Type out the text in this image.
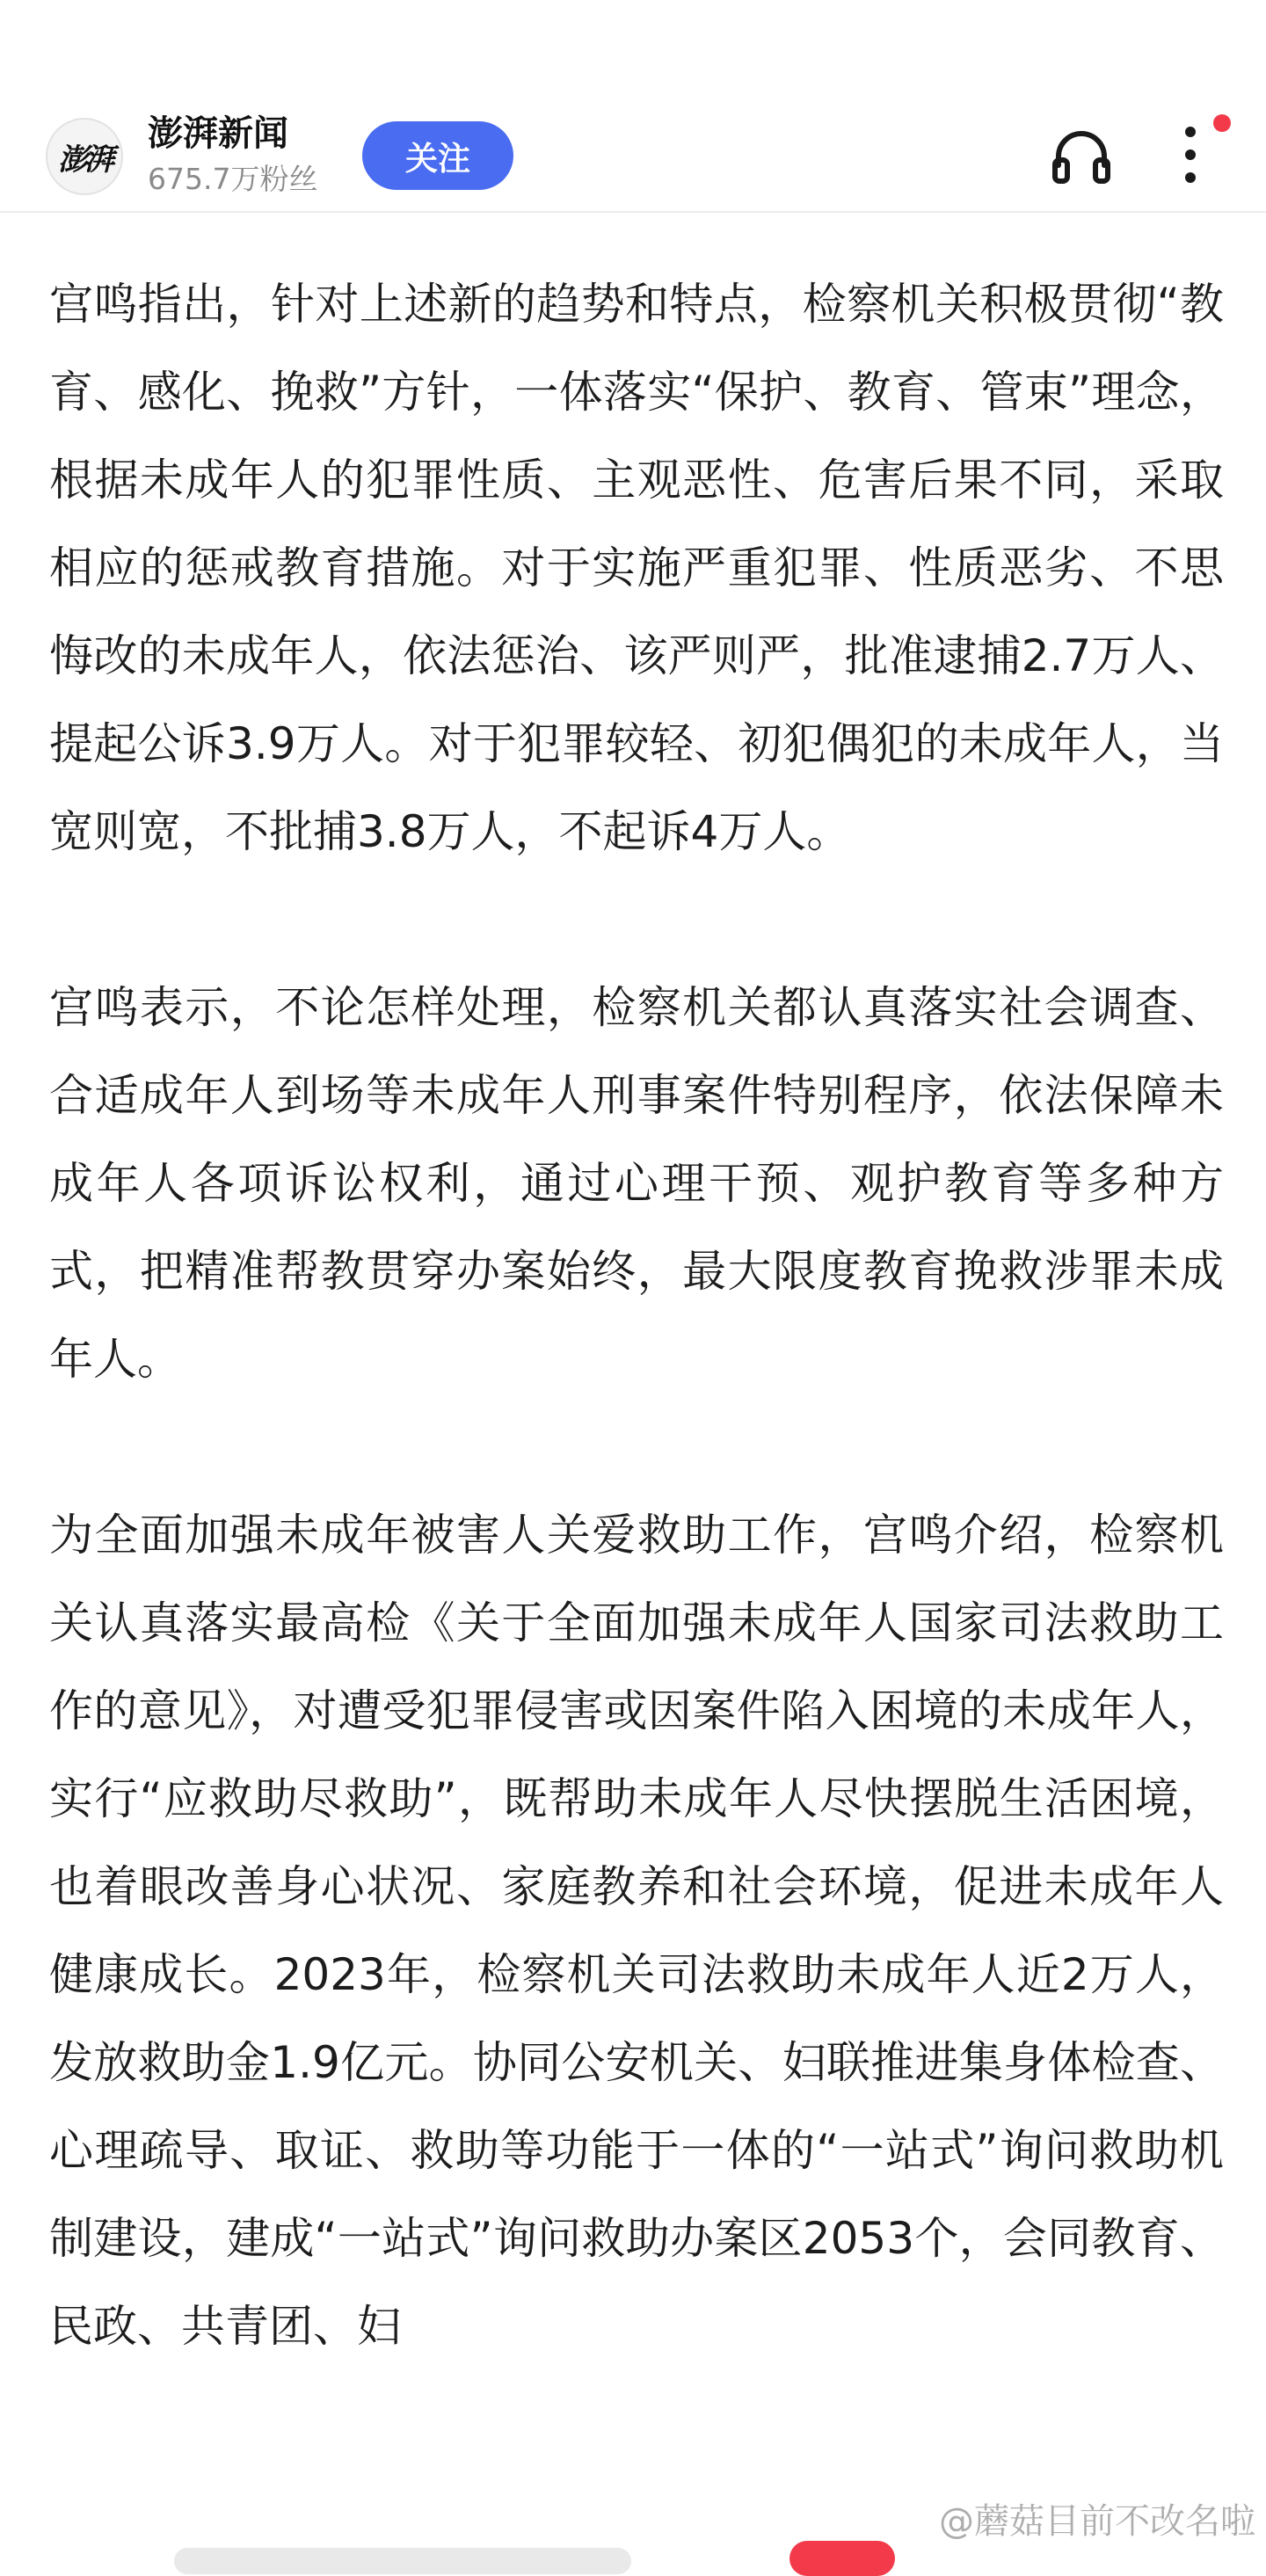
澎湃
澎湃新闻
675.7万粉丝
关注

宫鸣指出，针对上述新的趋势和特点，检察机关积极贯彻“教育、感化、挽救”方针，一体落实“保护、教育、管束”理念，根据未成年人的犯罪性质、主观恶性、危害后果不同，采取相应的惩戒教育措施。对于实施严重犯罪、性质恶劣、不思悔改的未成年人，依法惩治、该严则严，批准逮捕2.7万人、提起公诉3.9万人。对于犯罪较轻、初犯偶犯的未成年人，当宽则宽，不批捕3.8万人，不起诉4万人。

宫鸣表示，不论怎样处理，检察机关都认真落实社会调查、合适成年人到场等未成年人刑事案件特别程序，依法保障未成年人各项诉讼权利，通过心理干预、观护教育等多种方式，把精准帮教贯穿办案始终，最大限度教育挽救涉罪未成年人。

为全面加强未成年被害人关爱救助工作，宫鸣介绍，检察机关认真落实最高检《关于全面加强未成年人国家司法救助工作的意见》，对遭受犯罪侵害或因案件陷入困境的未成年人，实行“应救助尽救助”，既帮助未成年人尽快摆脱生活困境，也着眼改善身心状况、家庭教养和社会环境，促进未成年人健康成长。2023年，检察机关司法救助未成年人近2万人，发放救助金1.9亿元。协同公安机关、妇联推进集身体检查、心理疏导、取证、救助等功能于一体的“一站式”询问救助机制建设，建成“一站式”询问救助办案区2053个，会同教育、民政、共青团、妇

@蘑菇目前不改名啦
